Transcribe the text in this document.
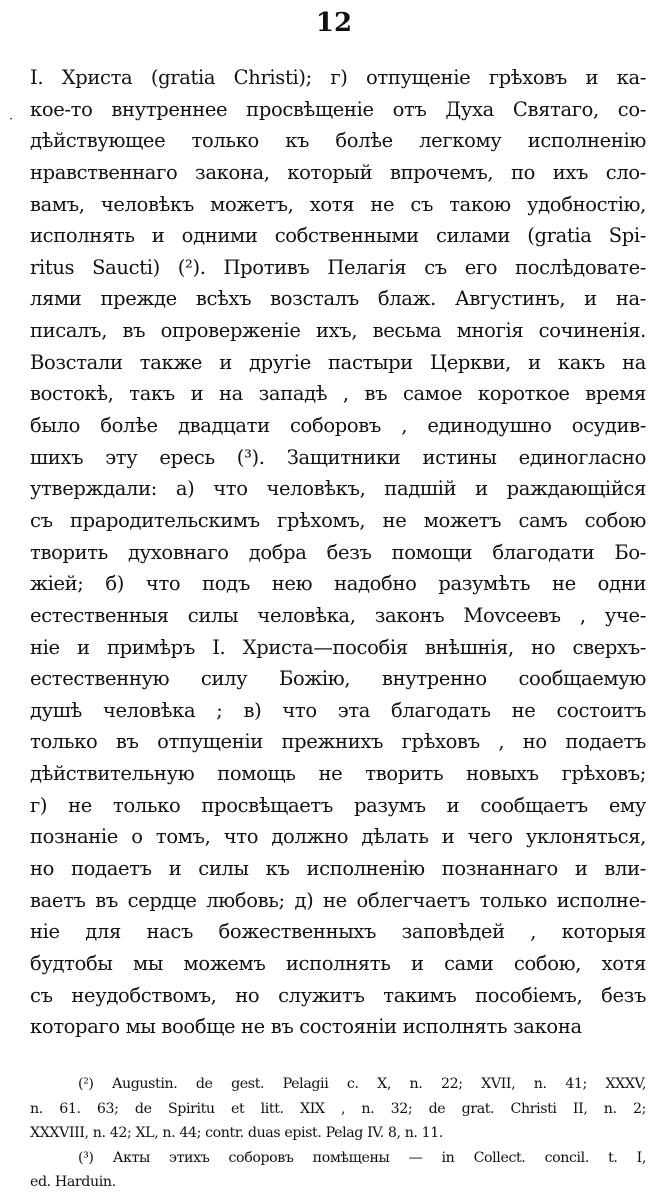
12
·
I. Христа (gratia Christi); г) отпущеніе грѣховъ и ка-
кое-то внутреннее просвѣщеніе отъ Духа Святаго, со-
дѣйствующее только къ болѣе легкому исполненію
нравственнаго закона, который впрочемъ, по ихъ сло-
вамъ, человѣкъ можетъ, хотя не съ такою удобностію,
исполнять и одними собственными силами (gratia Spi-
ritus Saucti) (²). Противъ Пелагія съ его послѣдовате-
лями прежде всѣхъ возсталъ блаж. Августинъ, и на-
писалъ, въ опроверженіе ихъ, весьма многія сочиненія.
Возстали также и другіе пастыри Церкви, и какъ на
востокѣ, такъ и на западѣ , въ самое короткое время
было болѣе двадцати соборовъ , единодушно осудив-
шихъ эту ересь (³). Защитники истины единогласно
утверждали: а) что человѣкъ, падшій и раждающійся
съ прародительскимъ грѣхомъ, не можетъ самъ собою
творить духовнаго добра безъ помощи благодати Бо-
жіей; б) что подъ нею надобно разумѣть не одни
естественныя силы человѣка, законъ Моvсеевъ , уче-
ніе и примѣръ I. Христа—пособія внѣшнія, но сверхъ-
естественную силу Божію, внутренно сообщаемую
душѣ человѣка ; в) что эта благодать не состоитъ
только въ отпущеніи прежнихъ грѣховъ , но подаетъ
дѣйствительную помощь не творить новыхъ грѣховъ;
г) не только просвѣщаетъ разумъ и сообщаетъ ему
познаніе о томъ, что должно дѣлать и чего уклоняться,
но подаетъ и силы къ исполненію познаннаго и вли-
ваетъ въ сердце любовь; д) не облегчаетъ только исполне-
ніе для насъ божественныхъ заповѣдей , которыя
будтобы мы можемъ исполнять и сами собою, хотя
съ неудобствомъ, но служитъ такимъ пособіемъ, безъ
котораго мы вообще не въ состояніи исполнять закона
(²) Augustin. de gest. Pelagii c. X, n. 22; XVII, n. 41; XXXV,
n. 61. 63; de Spiritu et litt. XIX , n. 32; de grat. Christi II, n. 2;
XXXVIII, n. 42; XL, n. 44; contr. duas epist. Pelag IV. 8, n. 11.
(³) Акты этихъ соборовъ помѣщены — in Collect. concil. t. I,
ed. Harduin.
